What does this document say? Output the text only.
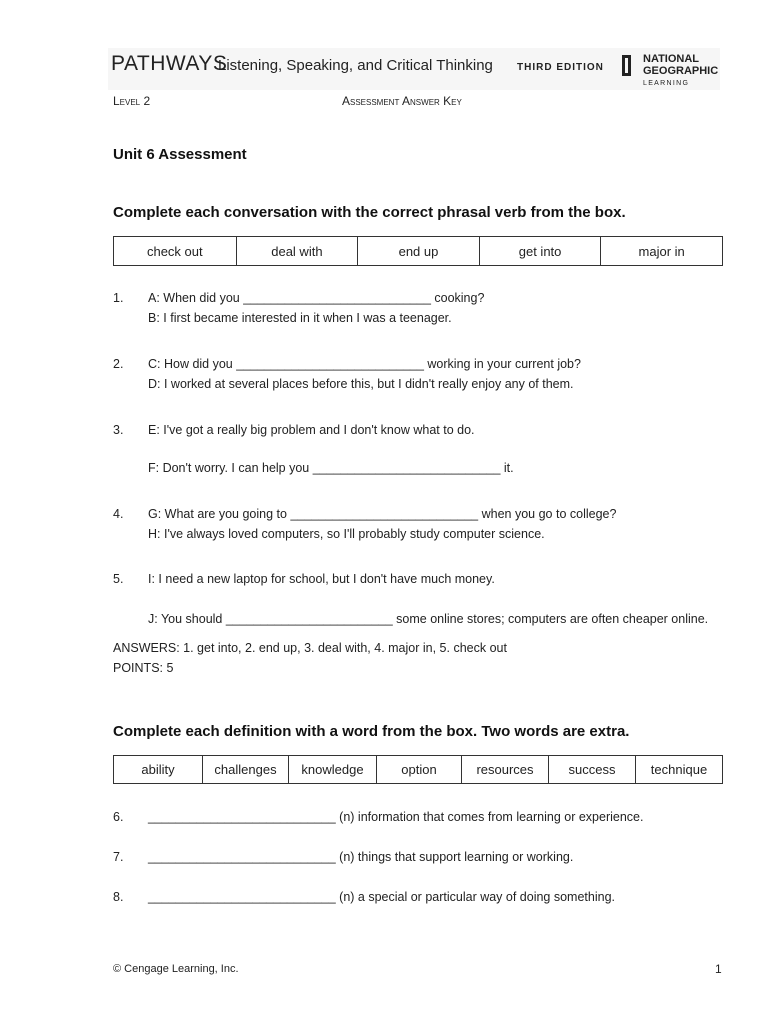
PATHWAYS
Listening, Speaking, and Critical Thinking THIRD EDITION
NATIONAL
GEOGRAPHIC
LEARNING
Level 2	Assessment Answer Key
Unit 6 Assessment
Complete each conversation with the correct phrasal verb from the box.
check out	deal with	end up	get into	major in
1. A: When did you ___________________________ cooking?
B: I first became interested in it when I was a teenager.
2. C: How did you ___________________________ working in your current job?
D: I worked at several places before this, but I didn't really enjoy any of them.
3. E: I've got a really big problem and I don't know what to do.
F: Don't worry. I can help you ___________________________ it.
4. G: What are you going to ___________________________ when you go to college?
H: I've always loved computers, so I'll probably study computer science.
5. I: I need a new laptop for school, but I don't have much money.
J: You should ________________________ some online stores; computers are often cheaper online.
ANSWERS: 1. get into, 2. end up, 3. deal with, 4. major in, 5. check out
POINTS: 5
Complete each definition with a word from the box. Two words are extra.
ability	challenges	knowledge	option	resources	success	technique
6. ___________________________ (n) information that comes from learning or experience.
7. ___________________________ (n) things that support learning or working.
8. ___________________________ (n) a special or particular way of doing something.
© Cengage Learning, Inc.	1
